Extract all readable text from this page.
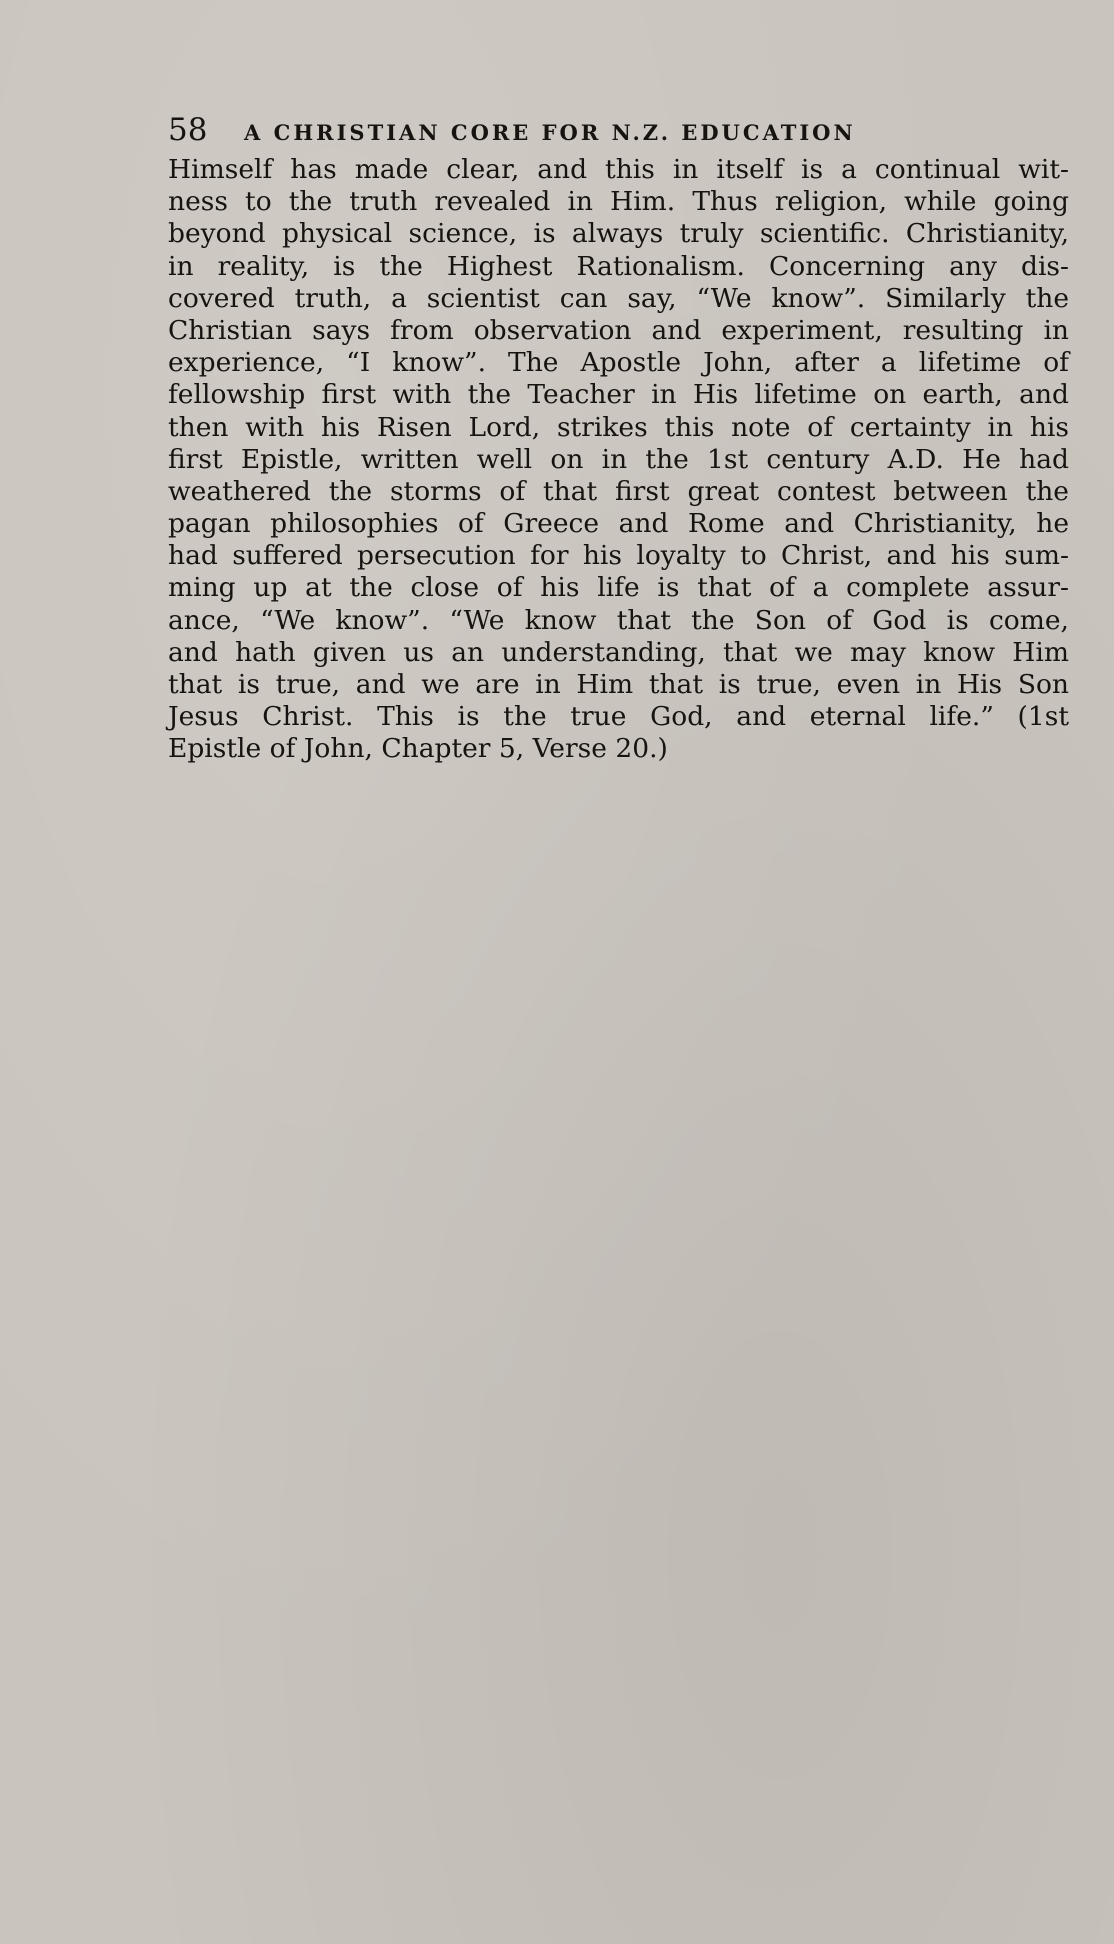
58	A CHRISTIAN CORE FOR N.Z. EDUCATION
Himself has made clear, and this in itself is a continual wit-
ness to the truth revealed in Him. Thus religion, while going
beyond physical science, is always truly scientific. Christianity,
in reality, is the Highest Rationalism. Concerning any dis-
covered truth, a scientist can say, “We know”. Similarly the
Christian says from observation and experiment, resulting in
experience, “I know”. The Apostle John, after a lifetime of
fellowship first with the Teacher in His lifetime on earth, and
then with his Risen Lord, strikes this note of certainty in his
first Epistle, written well on in the 1st century A.D. He had
weathered the storms of that first great contest between the
pagan philosophies of Greece and Rome and Christianity, he
had suffered persecution for his loyalty to Christ, and his sum-
ming up at the close of his life is that of a complete assur-
ance, “We know”. “We know that the Son of God is come,
and hath given us an understanding, that we may know Him
that is true, and we are in Him that is true, even in His Son
Jesus Christ. This is the true God, and eternal life.” (1st
Epistle of John, Chapter 5, Verse 20.)
